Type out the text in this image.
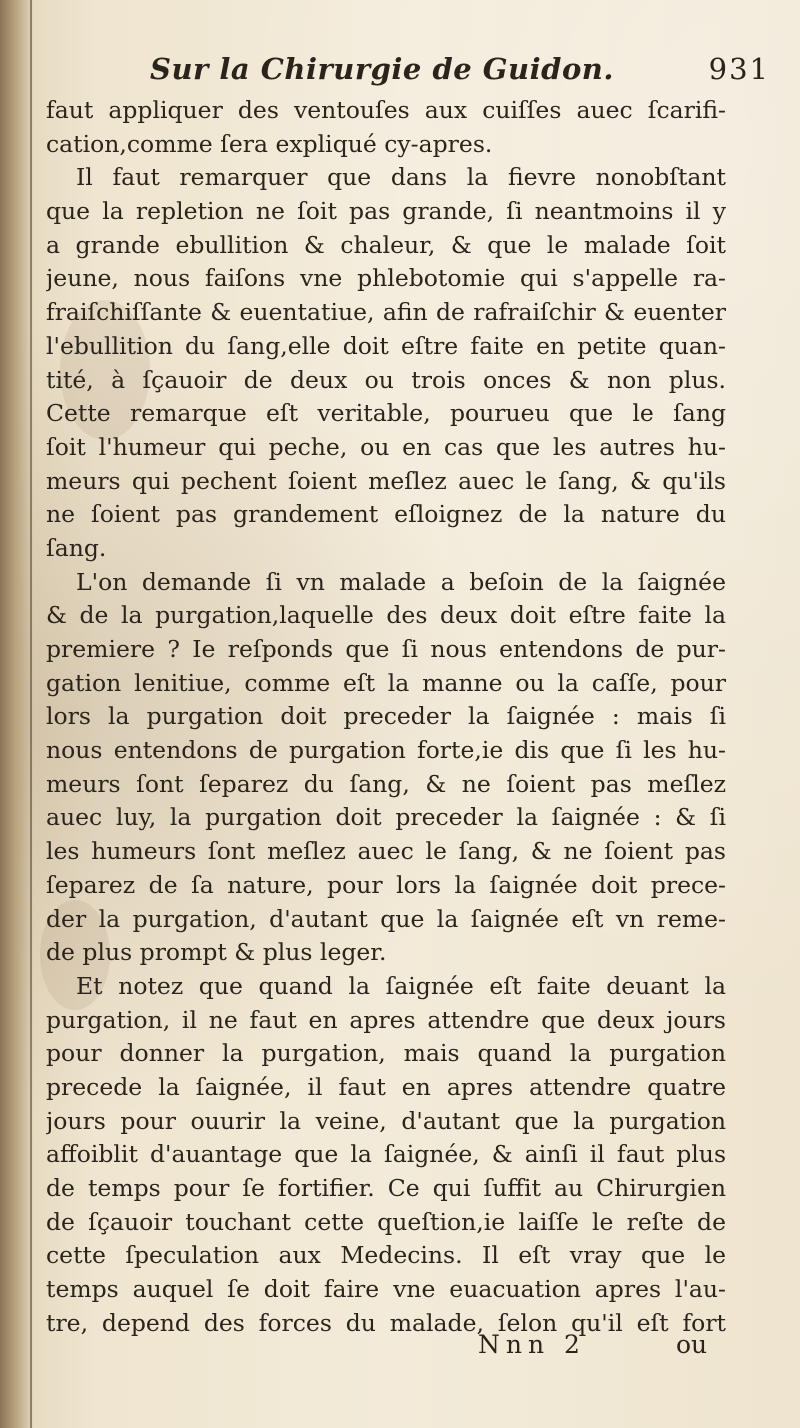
Sur la Chirurgie de Guidon.	931
faut appliquer des ventouſes aux cuiſſes auec ſcarifi-
cation,comme ſera expliqué cy-apres.
Il faut remarquer que dans la fievre nonobſtant
que la repletion ne ſoit pas grande, ſi neantmoins il y
a grande ebullition & chaleur, & que le malade ſoit
jeune, nous faiſons vne phlebotomie qui s'appelle ra-
fraiſchiſſante & euentatiue, afin de rafraiſchir & euenter
l'ebullition du ſang,elle doit eſtre faite en petite quan-
tité, à ſçauoir de deux ou trois onces & non plus.
Cette remarque eſt veritable, pourueu que le ſang
ſoit l'humeur qui peche, ou en cas que les autres hu-
meurs qui pechent ſoient meſlez auec le ſang, & qu'ils
ne ſoient pas grandement eſloignez de la nature du
ſang.
L'on demande ſi vn malade a beſoin de la ſaignée
& de la purgation,laquelle des deux doit eſtre faite la
premiere ? Ie reſponds que ſi nous entendons de pur-
gation lenitiue, comme eſt la manne ou la caſſe, pour
lors la purgation doit preceder la ſaignée : mais ſi
nous entendons de purgation forte,ie dis que ſi les hu-
meurs ſont ſeparez du ſang, & ne ſoient pas meſlez
auec luy, la purgation doit preceder la ſaignée : & ſi
les humeurs ſont meſlez auec le ſang, & ne ſoient pas
ſeparez de ſa nature, pour lors la ſaignée doit prece-
der la purgation, d'autant que la ſaignée eſt vn reme-
de plus prompt & plus leger.
Et notez que quand la ſaignée eſt faite deuant la
purgation, il ne faut en apres attendre que deux jours
pour donner la purgation, mais quand la purgation
precede la ſaignée, il faut en apres attendre quatre
jours pour ouurir la veine, d'autant que la purgation
affoiblit d'auantage que la ſaignée, & ainſi il faut plus
de temps pour ſe fortifier. Ce qui ſuffit au Chirurgien
de ſçauoir touchant cette queſtion,ie laiſſe le reſte de
cette ſpeculation aux Medecins. Il eſt vray que le
temps auquel ſe doit faire vne euacuation apres l'au-
tre, depend des forces du malade, ſelon qu'il eſt fort
Nnn 2	ou
